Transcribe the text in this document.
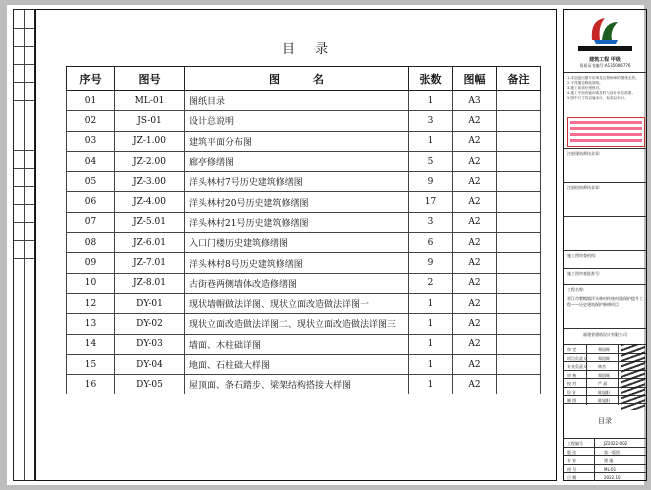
目 录
序号	图号	图　　　名	张数	图幅	备注
01	ML-01	图纸目录	1	A3	
02	JS-01	设计总说明	3	A2	
03	JZ-1.00	建筑平面分布图	1	A2	
04	JZ-2.00	廊亭修缮图	5	A2	
05	JZ-3.00	洋头林村7号历史建筑修缮图	9	A2	
06	JZ-4.00	洋头林村20号历史建筑修缮图	17	A2	
07	JZ-5.01	洋头林村21号历史建筑修缮图	3	A2	
08	JZ-6.01	入口门楼历史建筑修缮图	6	A2	
09	JZ-7.01	洋头林村8号历史建筑修缮图	9	A2	
10	JZ-8.01	古街巷两侧墙体改造修缮图	2	A2	
12	DY-01	现状墙帽做法详图、现状立面改造做法详图一	1	A2	
13	DY-02	现状立面改造做法详图二、现状立面改造做法详图三	1	A2	
14	DY-03	墙面、木柱础详图	1	A2	
15	DY-04	地面、石柱础大样图	1	A2	
16	DY-05	屋顶面、条石踏步、梁架结构搭接大样图	1	A2	
建筑工程 甲级
资质证书编号:A135006776
1.未加盖出图专用章及注册师章的图纸无效。
2.不得擅自修改图纸。
3.施工前请仔细核对。
4.施工中如有疑问请及时与设计单位联系。
5.图中尺寸均以毫米计，标高以米计。
注册建筑师执业章:
注册结构师执业章:
施工图审查机构:
施工图审查批准号:
工程名称:
晋江市紫帽镇洋头林村传统村落保护提升工程——历史建筑保护修缮项目
福建省建筑设计有限公司
审 定	郑国辉
项目负责人	郑国辉
专业负责人	林杰
审 核	郑国辉
校 对	严 晶
设 计	陈旭阳
制 图	陈旭阳
目录
工程编号	JZ2022-002
版 次	第一版图
专 业	建 施
图 号	ML-01
日 期	2022.10
